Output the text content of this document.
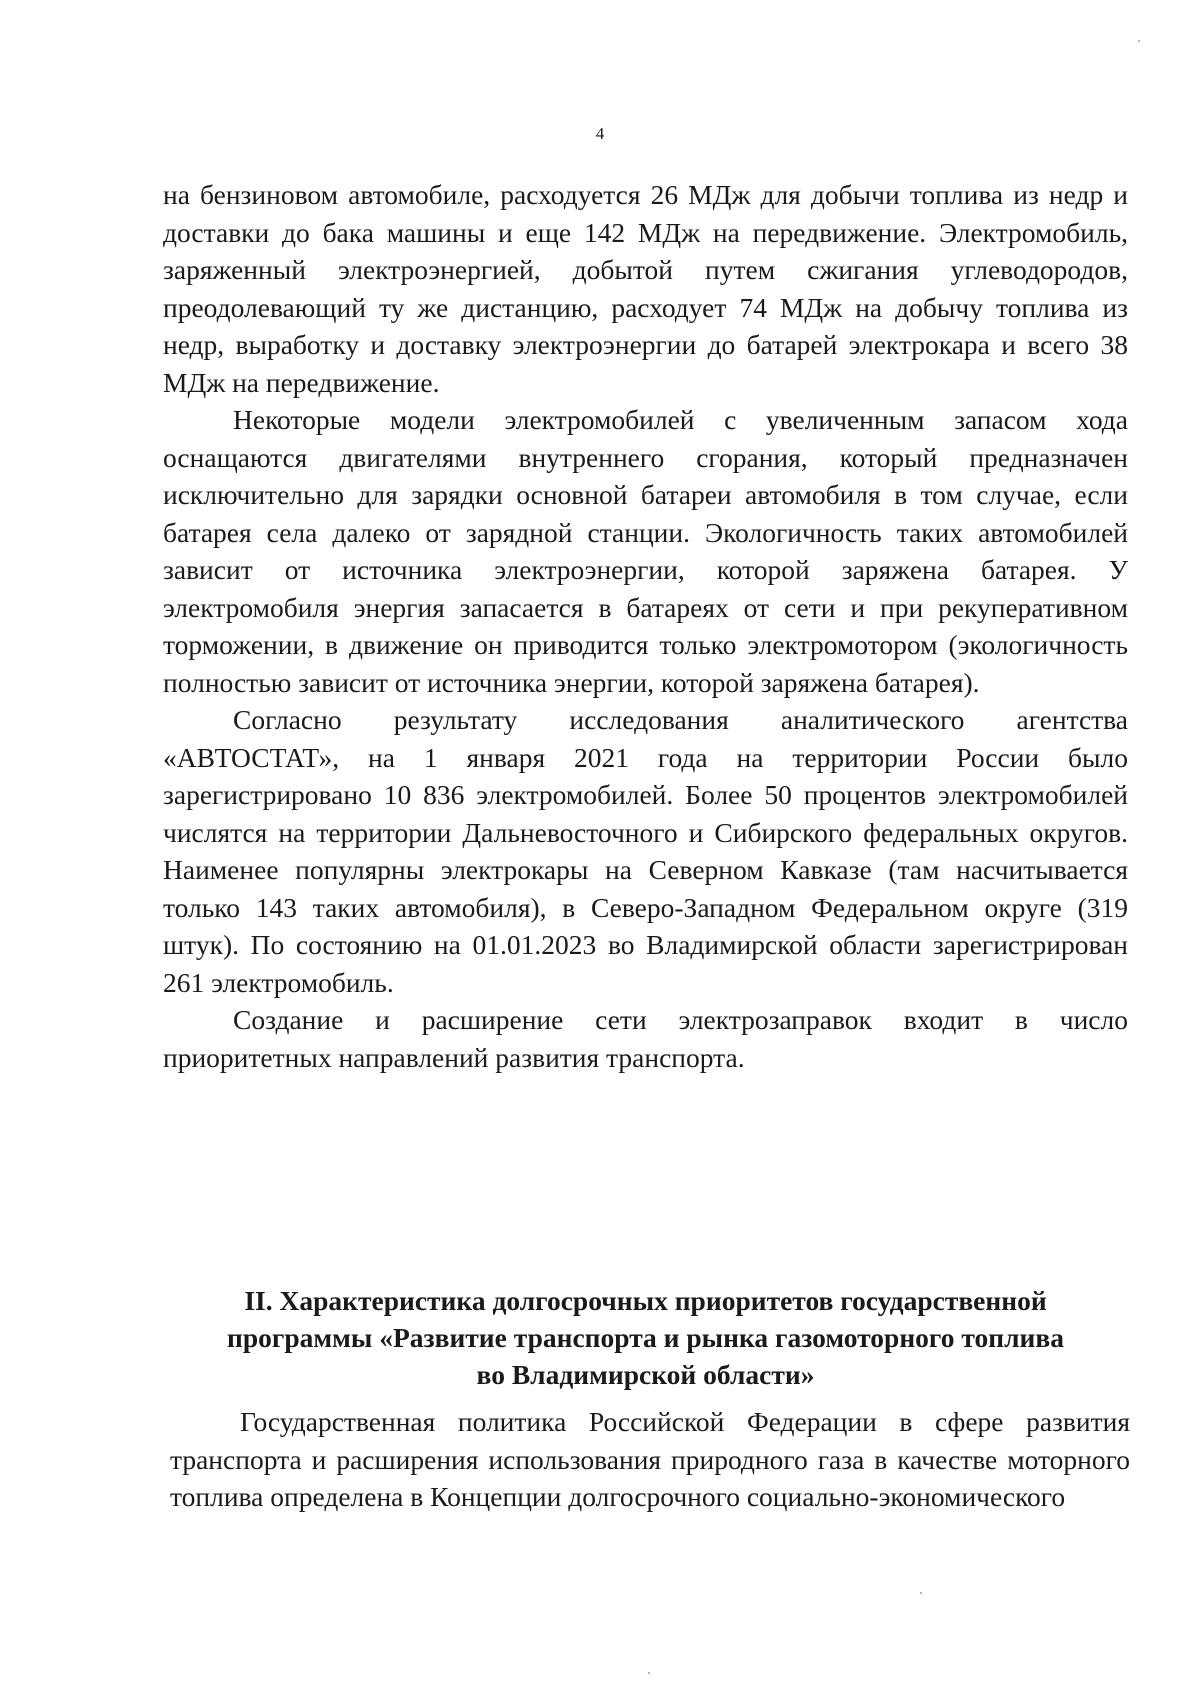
4

на бензиновом автомобиле, расходуется 26 МДж для добычи топлива из недр и доставки до бака машины и еще 142 МДж на передвижение. Электромобиль, заряженный электроэнергией, добытой путем сжигания углеводородов, преодолевающий ту же дистанцию, расходует 74 МДж на добычу топлива из недр, выработку и доставку электроэнергии до батарей электрокара и всего 38 МДж на передвижение.

Некоторые модели электромобилей с увеличенным запасом хода оснащаются двигателями внутреннего сгорания, который предназначен исключительно для зарядки основной батареи автомобиля в том случае, если батарея села далеко от зарядной станции. Экологичность таких автомобилей зависит от источника электроэнергии, которой заряжена батарея. У электромобиля энергия запасается в батареях от сети и при рекуперативном торможении, в движение он приводится только электромотором (экологичность полностью зависит от источника энергии, которой заряжена батарея).

Согласно результату исследования аналитического агентства «АВТОСТАТ», на 1 января 2021 года на территории России было зарегистрировано 10 836 электромобилей. Более 50 процентов электромобилей числятся на территории Дальневосточного и Сибирского федеральных округов. Наименее популярны электрокары на Северном Кавказе (там насчитывается только 143 таких автомобиля), в Северо-Западном Федеральном округе (319 штук). По состоянию на 01.01.2023 во Владимирской области зарегистрирован 261 электромобиль.

Создание и расширение сети электрозаправок входит в число приоритетных направлений развития транспорта.

II. Характеристика долгосрочных приоритетов государственной
программы «Развитие транспорта и рынка газомоторного топлива
во Владимирской области»

Государственная политика Российской Федерации в сфере развития транспорта и расширения использования природного газа в качестве моторного топлива определена в Концепции долгосрочного социально-экономического
